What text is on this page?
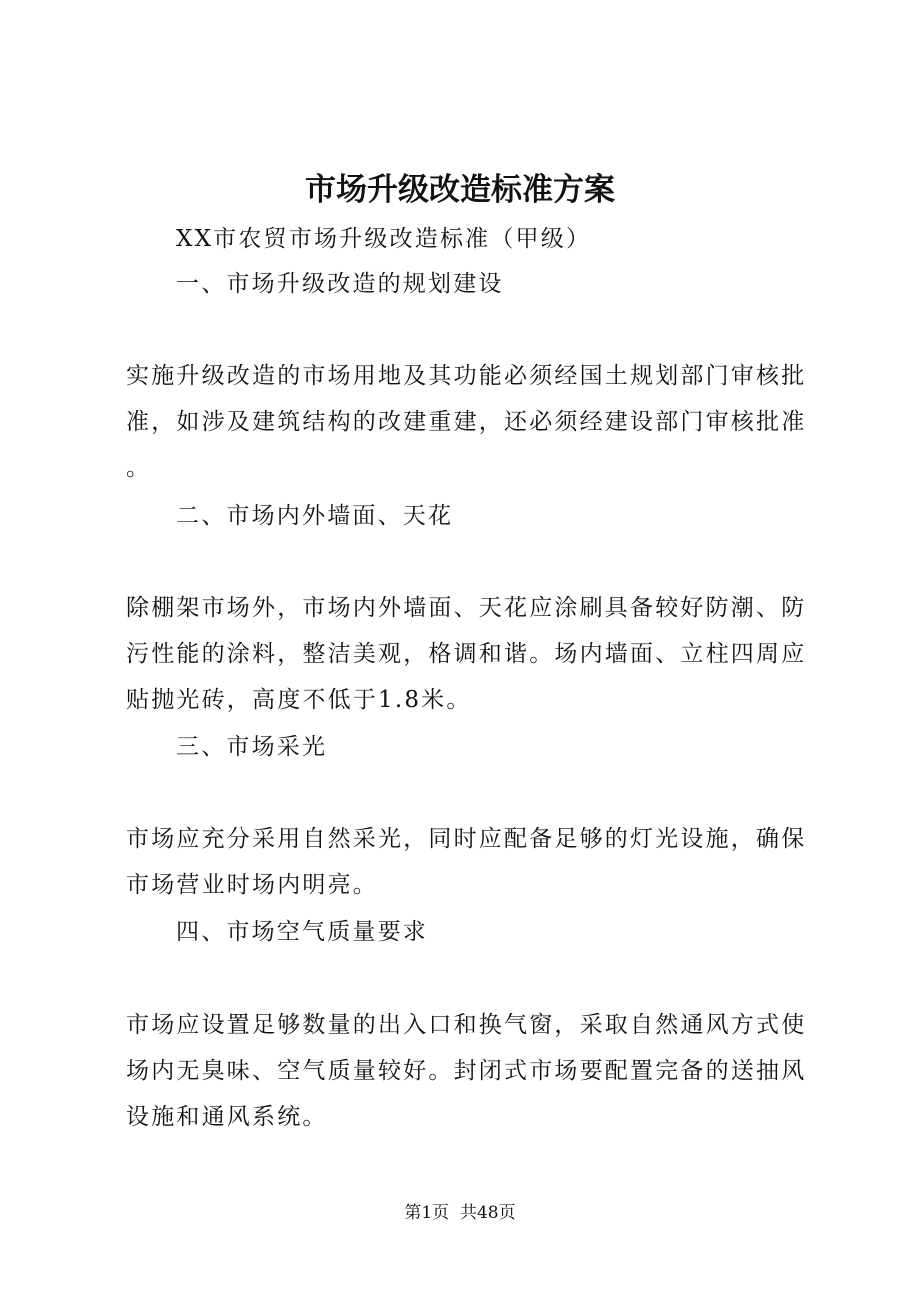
市场升级改造标准方案
XX市农贸市场升级改造标准（甲级）
一、市场升级改造的规划建设
实施升级改造的市场用地及其功能必须经国土规划部门审核批
准，如涉及建筑结构的改建重建，还必须经建设部门审核批准
。
二、市场内外墙面、天花
除棚架市场外，市场内外墙面、天花应涂刷具备较好防潮、防
污性能的涂料，整洁美观，格调和谐。场内墙面、立柱四周应
贴抛光砖，高度不低于1.8米。
三、市场采光
市场应充分采用自然采光，同时应配备足够的灯光设施，确保
市场营业时场内明亮。
四、市场空气质量要求
市场应设置足够数量的出入口和换气窗，采取自然通风方式使
场内无臭味、空气质量较好。封闭式市场要配置完备的送抽风
设施和通风系统。
第1页  共48页
